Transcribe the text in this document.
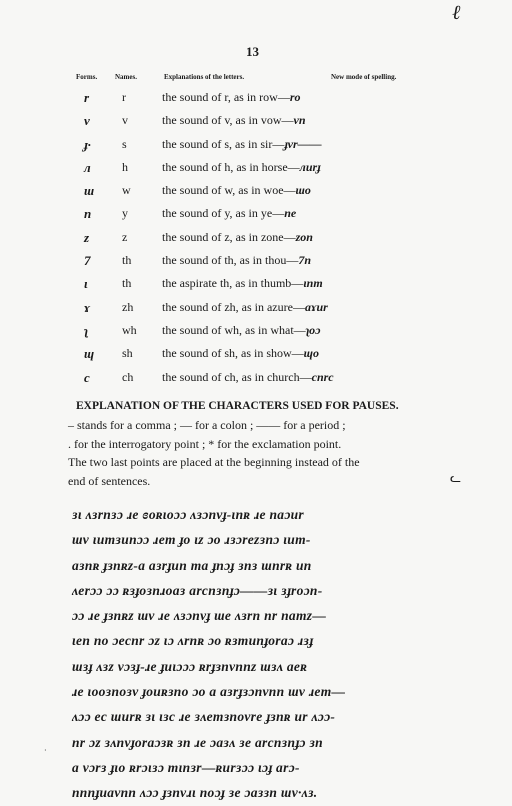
ℓ
13
Forms.	Names.	Explanations of the letters.	New mode of spelling.
r	r	the sound of r, as in row—ro
v	v	the sound of v, as in vow—vn
ɟ·	s	the sound of s, as in sir—ɟvr——
л	h	the sound of h, as in horse—лurɟ
ɯ w	the sound of w, as in woe—ɯo
n	y	the sound of y, as in ye—ne
z	z	the sound of z, as in zone—zon
7	th	the sound of th, as in thou—7n
ɩ	th	the aspirate th, as in thumb—ɩnm
ɤ	zh the sound of zh, as in azure—aɤur
ʅ	wh the sound of wh, as in what—ʅoɔ
ɰ sh the sound of sh, as in show—ɰo
c	ch the sound of ch, as in church—cnrc
EXPLANATION OF THE CHARACTERS USED FOR PAUSES.
– stands for a comma ; — for a colon ; —— for a period ;
. for the interrogatory point ; * for the exclamation point.
The two last points are placed at the beginning instead of the
end of sentences.	ᓚ
ɜɩ ʌɜrnɜɔ ɹe ɞoʀɩoɔɔ ʌɜɔnvɟ-ɩnʀ ɹe naɔur
ɯv ɩumɜunɔɔ ɹem ɟo ɩz ɔo ɹɜɔrezɜnɔ ɩum-
ɑɜnʀ ɟɜnʀz-ɑ ɑɜrɟun ma ɟnɔɟ ɜnɜ ɯnrʀ un
ʌerɔɔ ɔɔ ʀɜɟoɜnɹoɑɜ ɑrcnɜnɟɔ——ɜɩ ɜɟroɔn-
ɔɔ ɹe ɟɜnʀz ɯv ɹe ʌɜɔnvɟ ɯe ʌɜrn nr namz—
ɩen no ɔecnr ɔz ɩɔ ʌrnʀ ɔo ʀɜmunɟoraɔ ɹɜɟ
ɯɜɟ ʌɜz vɔɜɟ-ɹe ɟuɩɔɔɔ ʀrɟɜnvnnz ɯɜʌ ɑeʀ
ɹe ɩooɜnoɜv ɟouʀɜno ɔo a ɑɜrɟɜɔnvnn ɯv ɹem—
ʌɔɔ ec ɯurʀ ɜɩ ɩɜc ɹe ɜʌemɜnovre ɟɜnʀ ur ʌɔɔ-
nr ɔz ɜʌnvɟoraɔɜʀ ɜn ɹe ɔaɜʌ ɜe ɑrcnɜnɟɔ ɜn
a vɔrɜ ɟɩo ʀrɔɩɜɔ mɩnɜr—ʀurɜɔɔ ɩɔɟ ɑrɔ-
nnnɟuɑvnn ʌɔɔ ɟɜnvɹɩ noɔɟ ɜe ɔaɜɜn ɯv·ʌɜ.
·
